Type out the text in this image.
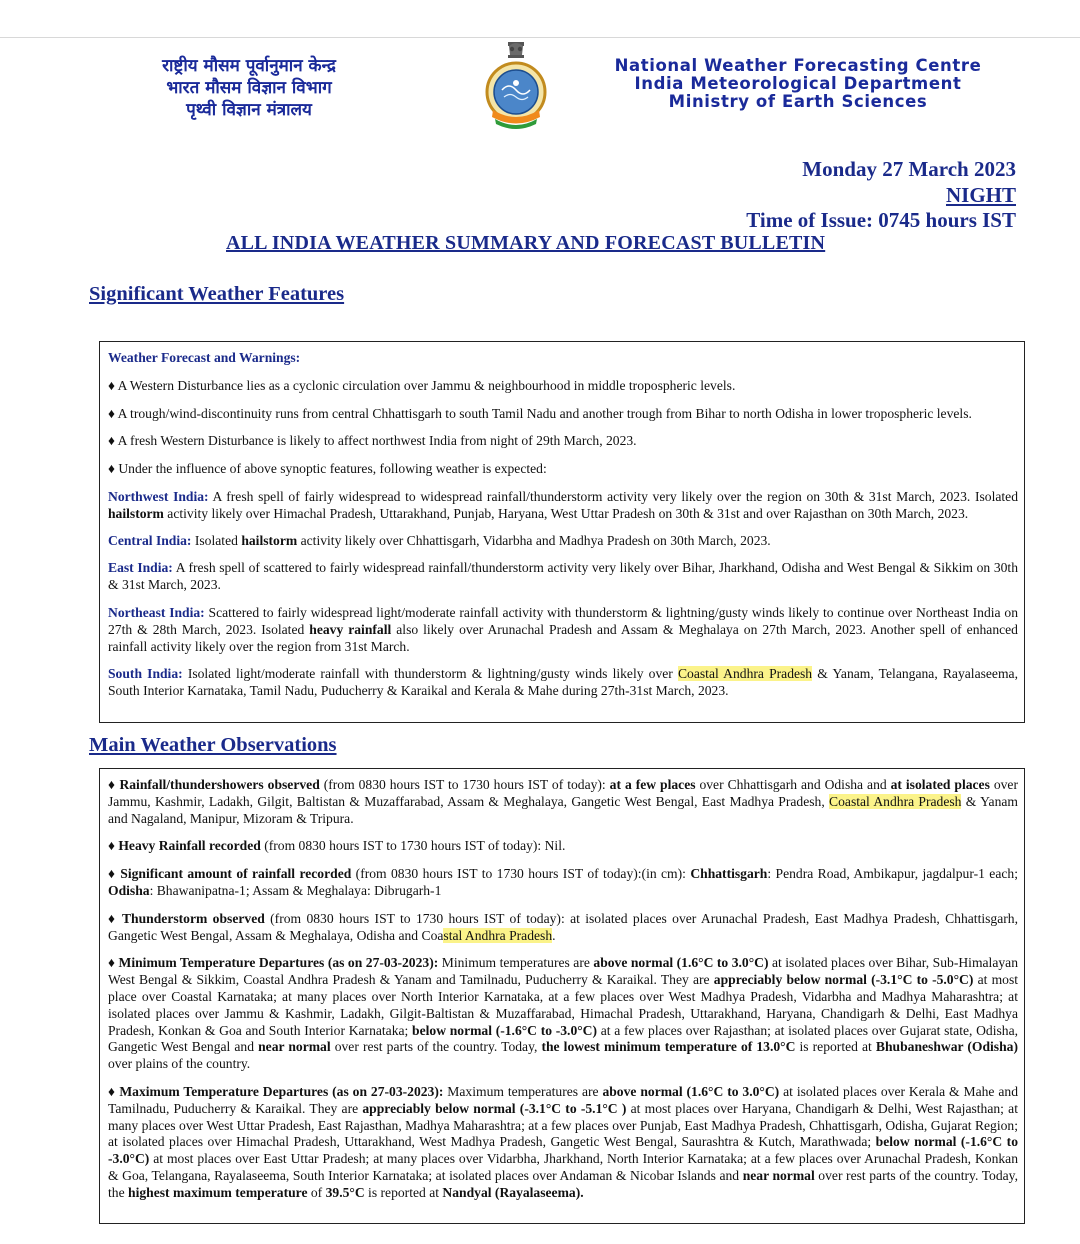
राष्ट्रीय मौसम पूर्वानुमान केन्द्र
भारत मौसम विज्ञान विभाग
पृथ्वी विज्ञान मंत्रालय
National Weather Forecasting Centre
India Meteorological Department
Ministry of Earth Sciences
Monday 27 March 2023
NIGHT
Time of Issue: 0745 hours IST
ALL INDIA WEATHER SUMMARY AND FORECAST BULLETIN
Significant Weather Features

Weather Forecast and Warnings:

♦ A Western Disturbance lies as a cyclonic circulation over Jammu & neighbourhood in middle tropospheric levels.

♦ A trough/wind-discontinuity runs from central Chhattisgarh to south Tamil Nadu and another trough from Bihar to north Odisha in lower tropospheric levels.

♦ A fresh Western Disturbance is likely to affect northwest India from night of 29th March, 2023.

♦ Under the influence of above synoptic features, following weather is expected:

Northwest India: A fresh spell of fairly widespread to widespread rainfall/thunderstorm activity very likely over the region on 30th & 31st March, 2023. Isolated hailstorm activity likely over Himachal Pradesh, Uttarakhand, Punjab, Haryana, West Uttar Pradesh on 30th & 31st and over Rajasthan on 30th March, 2023.

Central India: Isolated hailstorm activity likely over Chhattisgarh, Vidarbha and Madhya Pradesh on 30th March, 2023.

East India: A fresh spell of scattered to fairly widespread rainfall/thunderstorm activity very likely over Bihar, Jharkhand, Odisha and West Bengal & Sikkim on 30th & 31st March, 2023.

Northeast India: Scattered to fairly widespread light/moderate rainfall activity with thunderstorm & lightning/gusty winds likely to continue over Northeast India on 27th & 28th March, 2023. Isolated heavy rainfall also likely over Arunachal Pradesh and Assam & Meghalaya on 27th March, 2023. Another spell of enhanced rainfall activity likely over the region from 31st March.

South India: Isolated light/moderate rainfall with thunderstorm & lightning/gusty winds likely over Coastal Andhra Pradesh & Yanam, Telangana, Rayalaseema, South Interior Karnataka, Tamil Nadu, Puducherry & Karaikal and Kerala & Mahe during 27th-31st March, 2023.

Main Weather Observations

♦ Rainfall/thundershowers observed (from 0830 hours IST to 1730 hours IST of today): at a few places over Chhattisgarh and Odisha and at isolated places over Jammu, Kashmir, Ladakh, Gilgit, Baltistan & Muzaffarabad, Assam & Meghalaya, Gangetic West Bengal, East Madhya Pradesh, Coastal Andhra Pradesh & Yanam and Nagaland, Manipur, Mizoram & Tripura.

♦ Heavy Rainfall recorded (from 0830 hours IST to 1730 hours IST of today): Nil.

♦ Significant amount of rainfall recorded (from 0830 hours IST to 1730 hours IST of today):(in cm): Chhattisgarh: Pendra Road, Ambikapur, jagdalpur-1 each; Odisha: Bhawanipatna-1; Assam & Meghalaya: Dibrugarh-1

♦ Thunderstorm observed (from 0830 hours IST to 1730 hours IST of today): at isolated places over Arunachal Pradesh, East Madhya Pradesh, Chhattisgarh, Gangetic West Bengal, Assam & Meghalaya, Odisha and Coastal Andhra Pradesh.

♦ Minimum Temperature Departures (as on 27-03-2023): Minimum temperatures are above normal (1.6°C to 3.0°C) at isolated places over Bihar, Sub-Himalayan West Bengal & Sikkim, Coastal Andhra Pradesh & Yanam and Tamilnadu, Puducherry & Karaikal. They are appreciably below normal (-3.1°C to -5.0°C) at most place over Coastal Karnataka; at many places over North Interior Karnataka, at a few places over West Madhya Pradesh, Vidarbha and Madhya Maharashtra; at isolated places over Jammu & Kashmir, Ladakh, Gilgit-Baltistan & Muzaffarabad, Himachal Pradesh, Uttarakhand, Haryana, Chandigarh & Delhi, East Madhya Pradesh, Konkan & Goa and South Interior Karnataka; below normal (-1.6°C to -3.0°C) at a few places over Rajasthan; at isolated places over Gujarat state, Odisha, Gangetic West Bengal and near normal over rest parts of the country. Today, the lowest minimum temperature of 13.0°C is reported at Bhubaneshwar (Odisha) over plains of the country.

♦ Maximum Temperature Departures (as on 27-03-2023): Maximum temperatures are above normal (1.6°C to 3.0°C) at isolated places over Kerala & Mahe and Tamilnadu, Puducherry & Karaikal. They are appreciably below normal (-3.1°C to -5.1°C ) at most places over Haryana, Chandigarh & Delhi, West Rajasthan; at many places over West Uttar Pradesh, East Rajasthan, Madhya Maharashtra; at a few places over Punjab, East Madhya Pradesh, Chhattisgarh, Odisha, Gujarat Region; at isolated places over Himachal Pradesh, Uttarakhand, West Madhya Pradesh, Gangetic West Bengal, Saurashtra & Kutch, Marathwada; below normal (-1.6°C to -3.0°C) at most places over East Uttar Pradesh; at many places over Vidarbha, Jharkhand, North Interior Karnataka; at a few places over Arunachal Pradesh, Konkan & Goa, Telangana, Rayalaseema, South Interior Karnataka; at isolated places over Andaman & Nicobar Islands and near normal over rest parts of the country. Today, the highest maximum temperature of 39.5°C is reported at Nandyal (Rayalaseema).
